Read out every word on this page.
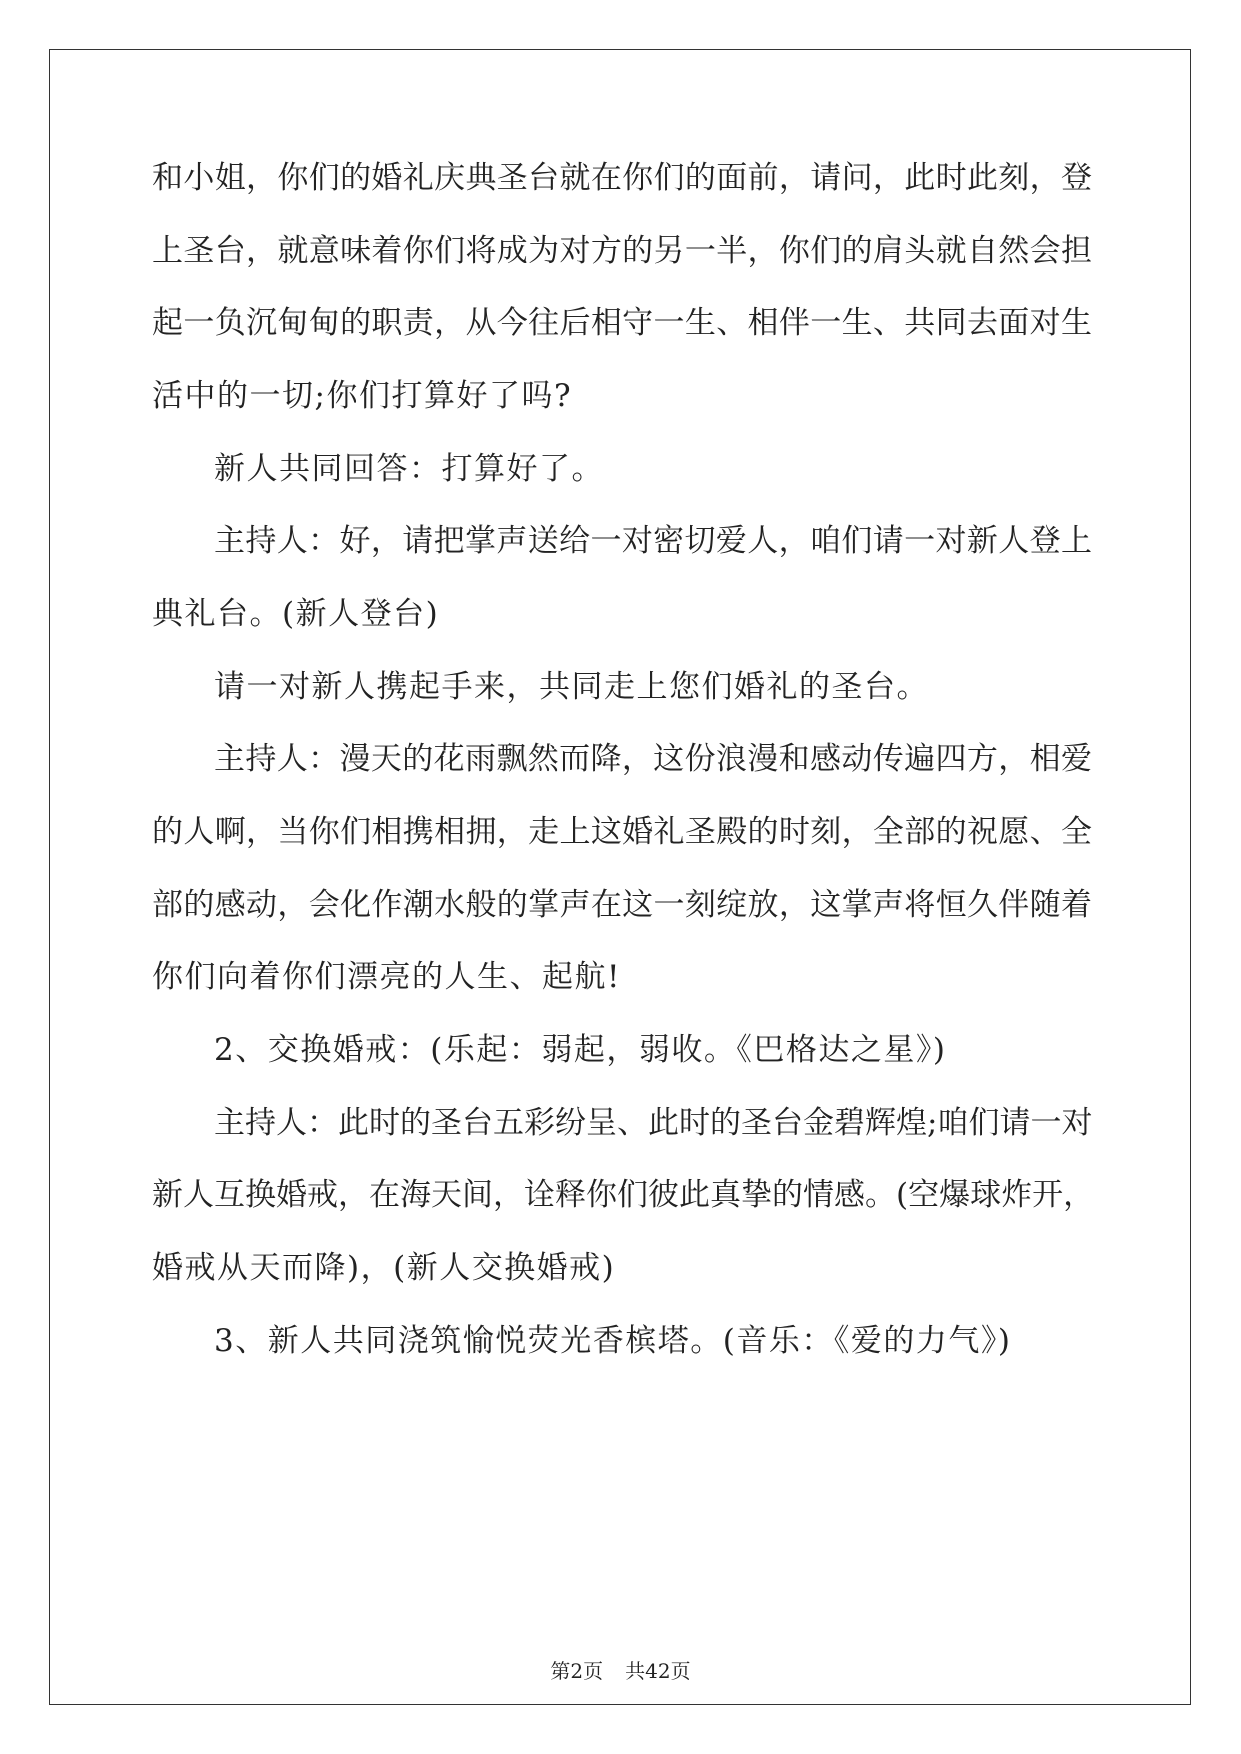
和小姐，你们的婚礼庆典圣台就在你们的面前，请问，此时此刻，登
上圣台，就意味着你们将成为对方的另一半，你们的肩头就自然会担
起一负沉甸甸的职责，从今往后相守一生、相伴一生、共同去面对生
活中的一切;你们打算好了吗?
新人共同回答：打算好了。
主持人：好，请把掌声送给一对密切爱人，咱们请一对新人登上
典礼台。(新人登台)
请一对新人携起手来，共同走上您们婚礼的圣台。
主持人：漫天的花雨飘然而降，这份浪漫和感动传遍四方，相爱
的人啊，当你们相携相拥，走上这婚礼圣殿的时刻，全部的祝愿、全
部的感动，会化作潮水般的掌声在这一刻绽放，这掌声将恒久伴随着
你们向着你们漂亮的人生、起航!
2、交换婚戒：(乐起：弱起，弱收。《巴格达之星》)
主持人：此时的圣台五彩纷呈、此时的圣台金碧辉煌;咱们请一对
新人互换婚戒，在海天间，诠释你们彼此真挚的情感。(空爆球炸开，
婚戒从天而降)，(新人交换婚戒)
3、新人共同浇筑愉悦荧光香槟塔。(音乐：《爱的力气》)
第2页 共42页
